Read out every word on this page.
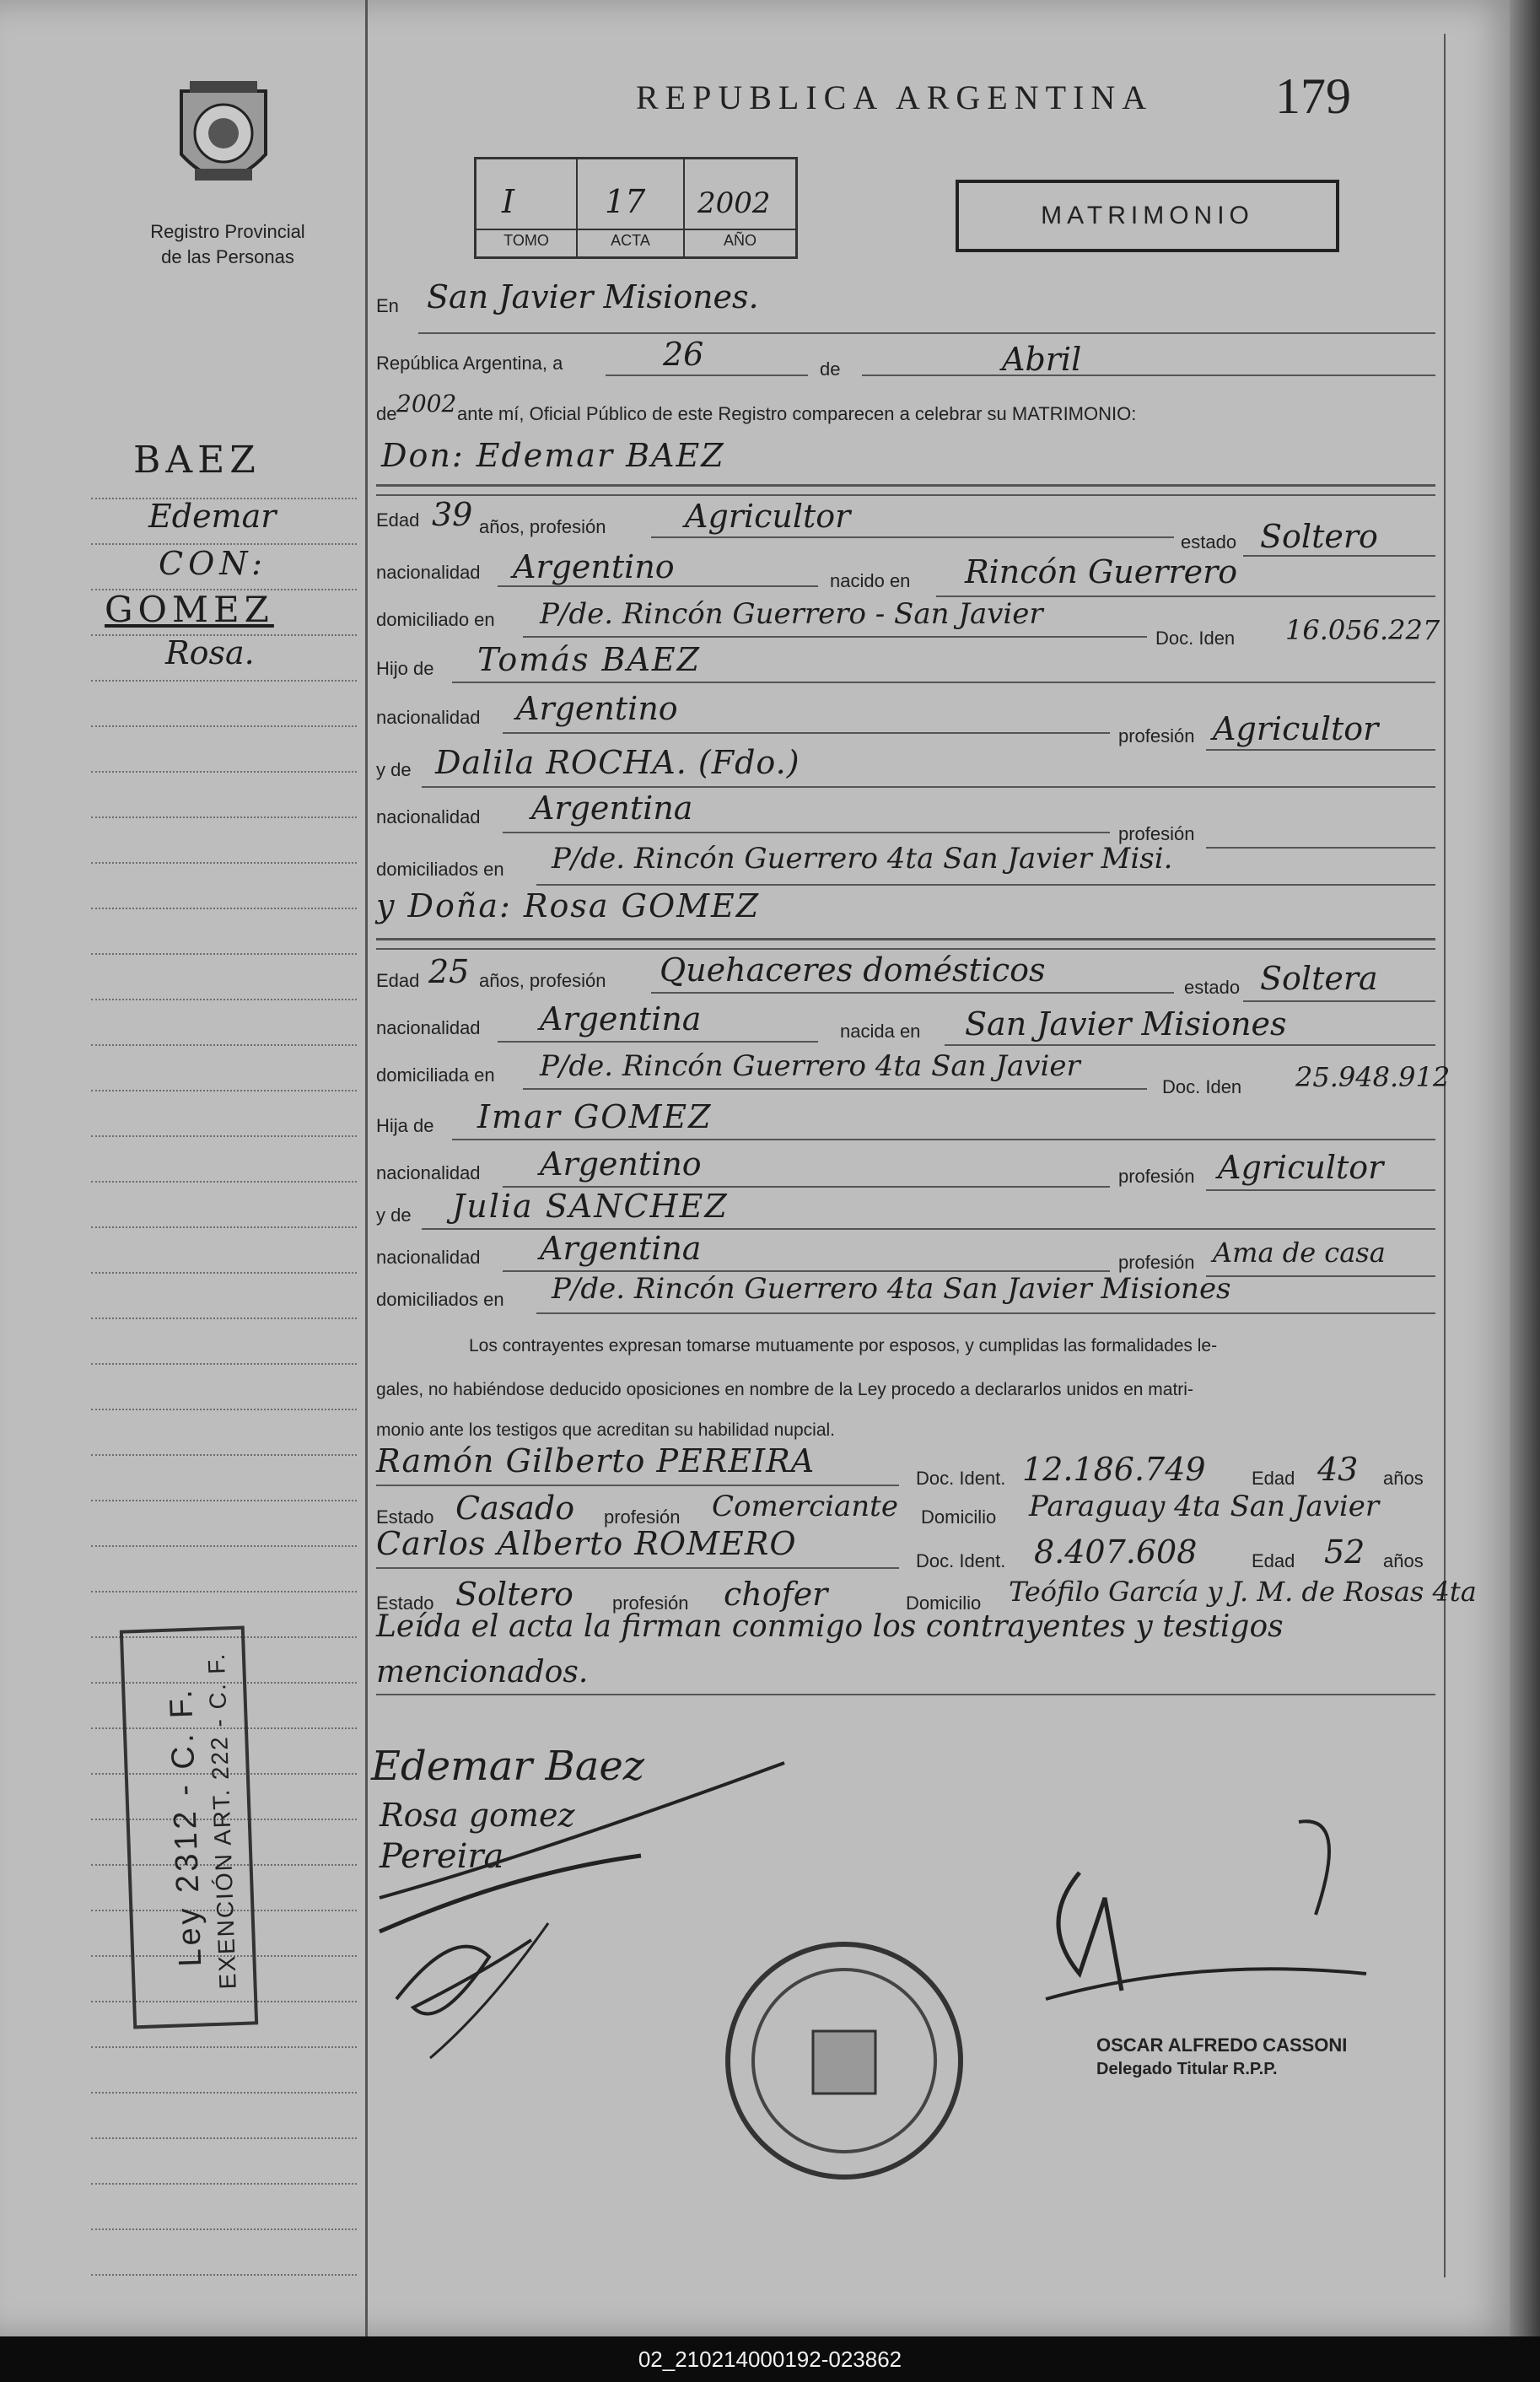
Registro Provincial
de las Personas
REPUBLICA ARGENTINA 179
I	17 2002
TOMO	ACTA	AÑO
MATRIMONIO
BAEZ
Edemar
CON:
GOMEZ
Rosa.
Ley 2312 - C. F.
EXENCIÓN ART. 222 - C. F.
En San Javier Misiones.
República Argentina, a	26	de	Abril
de 2002 ante mí, Oficial Público de este Registro comparecen a celebrar su MATRIMONIO:
Don: Edemar BAEZ
Edad 39 años, profesión Agricultor
estado Soltero
nacionalidad Argentino	nacido en Rincón Guerrero
domiciliado en P/de. Rincón Guerrero - San Javier
Doc. Iden 16.056.227
Hijo de Tomás BAEZ
nacionalidad Argentino
profesión Agricultor
y de Dalila ROCHA. (Fdo.)
nacionalidad Argentina
profesión
domiciliados en P/de. Rincón Guerrero 4ta San Javier Misi.
y Doña: Rosa GOMEZ
Edad 25 años, profesión Quehaceres domésticos	estado Soltera
nacionalidad Argentina	nacida en San Javier Misiones
domiciliada en P/de. Rincón Guerrero 4ta San Javier
Doc. Iden 25.948.912
Hija de Imar GOMEZ
nacionalidad Argentino	profesión Agricultor
y de Julia SANCHEZ
nacionalidad Argentina	profesión Ama de casa
domiciliados en P/de. Rincón Guerrero 4ta San Javier Misiones
Los contrayentes expresan tomarse mutuamente por esposos, y cumplidas las formalidades le-
gales, no habiéndose deducido oposiciones en nombre de la Ley procedo a declararlos unidos en matri-
monio ante los testigos que acreditan su habilidad nupcial.
Ramón Gilberto PEREIRA	Doc. Ident. 12.186.749 Edad 43 años
Estado Casado profesión Comerciante Domicilio Paraguay 4ta San Javier
Carlos Alberto ROMERO	Doc. Ident. 8.407.608	Edad 52 años
Estado Soltero profesión chofer	Domicilio Teófilo García y J. M. de Rosas 4ta
Leída el acta la firman conmigo los contrayentes y testigos
mencionados.
Edemar Baez
Rosa gomez
Pereira
OSCAR ALFREDO CASSONI
Delegado Titular R.P.P.
02_210214000192-023862
